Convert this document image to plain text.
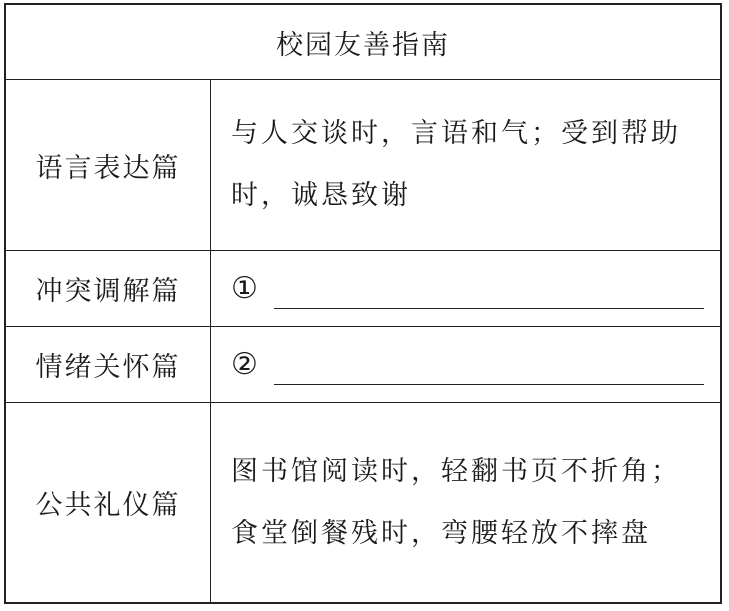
校园友善指南
语言表达篇
与人交谈时，言语和气；受到帮助时，诚恳致谢
冲突调解篇	①
情绪关怀篇	②
公共礼仪篇
图书馆阅读时，轻翻书页不折角；食堂倒餐残时，弯腰轻放不摔盘
